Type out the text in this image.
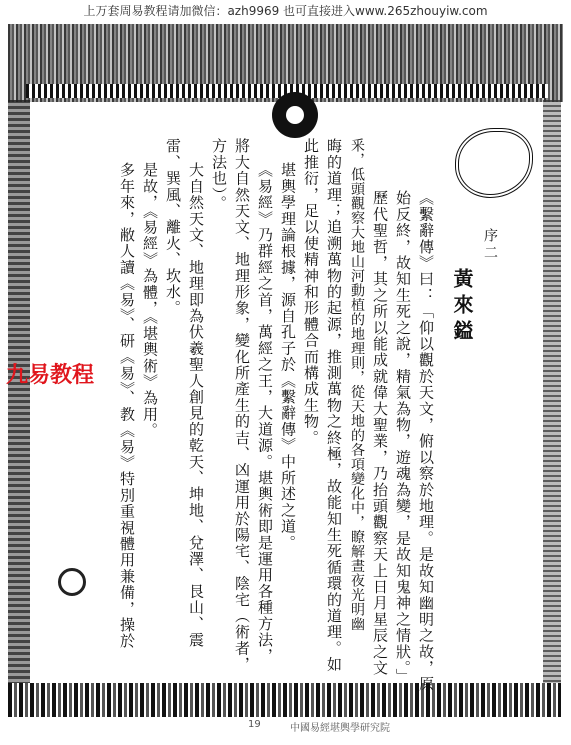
上万套周易教程请加微信：azh9969 也可直接进入www.265zhouyiw.com
序二
黃來鎰
《繫辭傳》曰：「仰以觀於天文，俯以察於地理。是故知幽明之故，原
始反終，故知生死之說，精氣為物，遊魂為變，是故知鬼神之情狀。」
歷代聖哲，其之所以能成就偉大聖業，乃抬頭觀察天上日月星辰之文
釆，低頭觀察大地山河動植的地理則，從天地的各項變化中，瞭解晝夜光明幽
晦的道理；追溯萬物的起源，推測萬物之終極，故能知生死循環的道理。如
此推衍，足以使精神和形體合而構成生物。
堪輿學理論根據，源自孔子於《繫辭傳》中所述之道。
《易經》乃群經之首，萬經之王，大道源。堪輿術即是運用各種方法，
將大自然天文、地理形象，變化所產生的吉、凶運用於陽宅、陰宅（術者，
方法也）。
大自然天文、地理即為伏羲聖人創見的乾天、坤地、兌澤、艮山、震
雷、巽風、離火、坎水。
是故，《易經》為體，《堪輿術》為用。
多年來，敝人讀《易》、研《易》、教《易》特別重視體用兼備，操於
九易教程
19	中國易經堪輿學研究院
